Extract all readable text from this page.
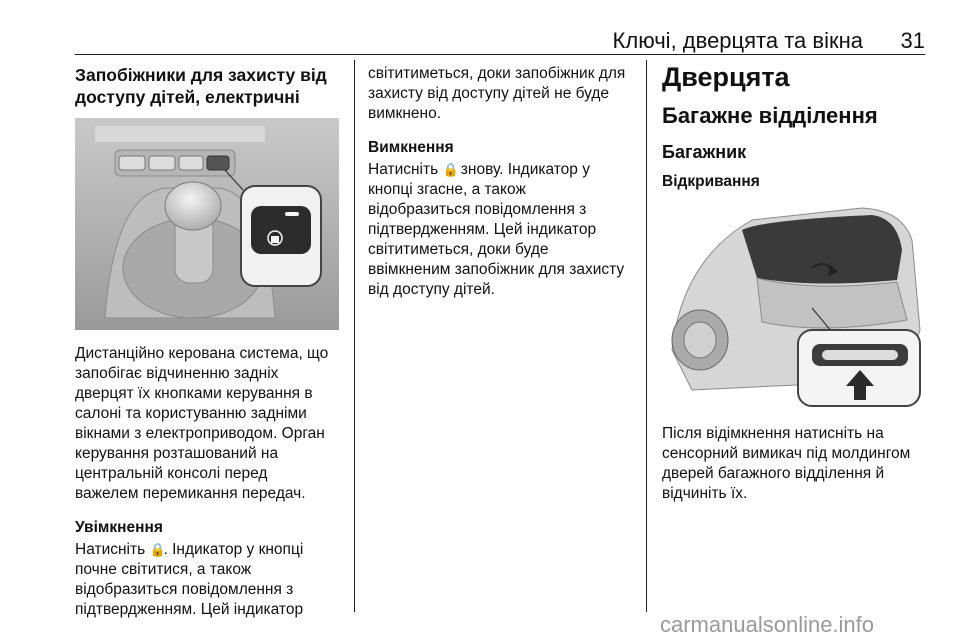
Ключі, дверцята та вікна 31

Запобіжники для захисту від
доступу дітей, електричні

Дистанційно керована система, що

запобігає відчиненню задніх

дверцят їх кнопками керування в

салоні та користуванню задніми

вікнами з електроприводом. Орган

керування розташований на

центральній консолі перед

важелем перемикання передач.

Увімкнення

Натисніть 🔒. Індикатор у кнопці

почне світитися, а також

відобразиться повідомлення з

підтвердженням. Цей індикатор

світитиметься, доки запобіжник для

захисту від доступу дітей не буде

вимкнено.

Вимкнення

Натисніть 🔒 знову. Індикатор у

кнопці згасне, а також

відобразиться повідомлення з

підтвердженням. Цей індикатор

світитиметься, доки буде

ввімкненим запобіжник для захисту

від доступу дітей.

Дверцята

Багажне відділення

Багажник

Відкривання

Після відімкнення натисніть на

сенсорний вимикач під молдингом

дверей багажного відділення й

відчиніть їх.

carmanualsonline.info
